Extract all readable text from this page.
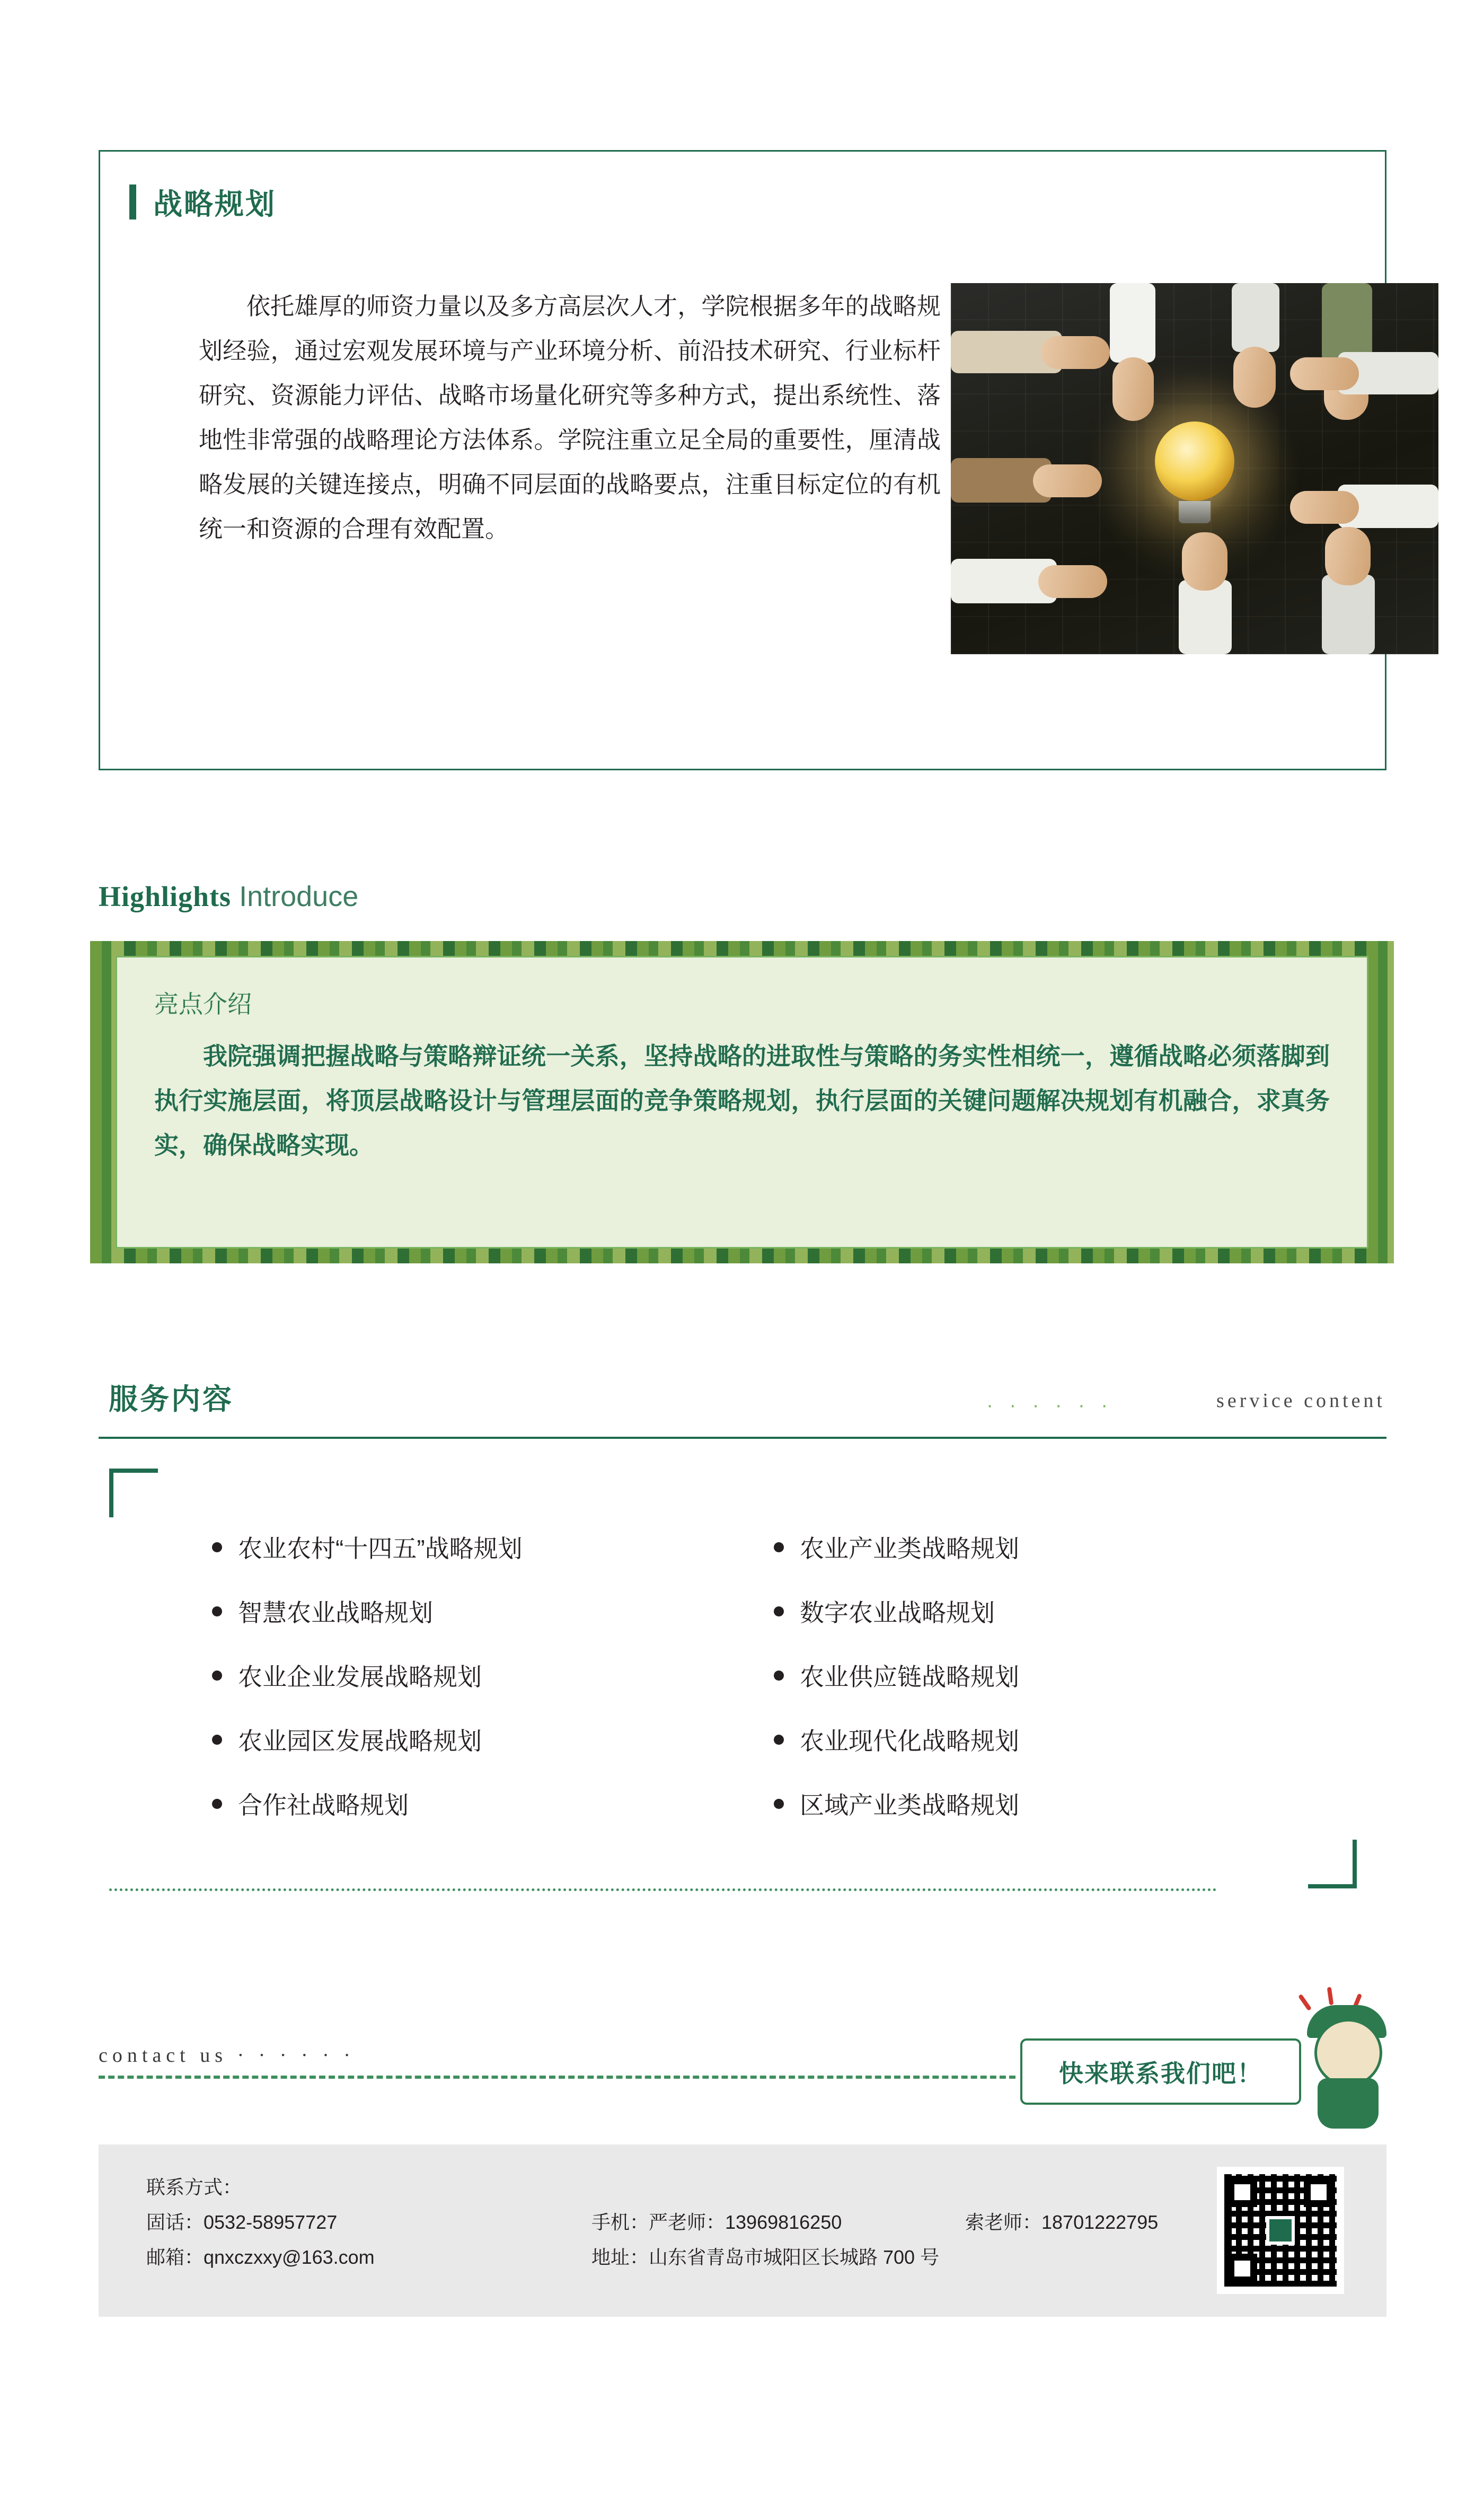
战略规划
依托雄厚的师资力量以及多方高层次人才，学院根据多年的战略规划经验，通过宏观发展环境与产业环境分析、前沿技术研究、行业标杆研究、资源能力评估、战略市场量化研究等多种方式，提出系统性、落地性非常强的战略理论方法体系。学院注重立足全局的重要性，厘清战略发展的关键连接点，明确不同层面的战略要点，注重目标定位的有机统一和资源的合理有效配置。
Highlights Introduce
亮点介绍
我院强调把握战略与策略辩证统一关系，坚持战略的进取性与策略的务实性相统一，遵循战略必须落脚到执行实施层面，将顶层战略设计与管理层面的竞争策略规划，执行层面的关键问题解决规划有机融合，求真务实，确保战略实现。
服务内容	· · · · · ·	service content
农业农村“十四五”战略规划	农业产业类战略规划
智慧农业战略规划	数字农业战略规划
农业企业发展战略规划	农业供应链战略规划
农业园区发展战略规划	农业现代化战略规划
合作社战略规划	区域产业类战略规划
contact us · · · · · ·
快来联系我们吧！
联系方式：
固话：0532-58957727
邮箱：qnxczxxy@163.com
手机：严老师：13969816250
地址：山东省青岛市城阳区长城路 700 号
索老师：18701222795
